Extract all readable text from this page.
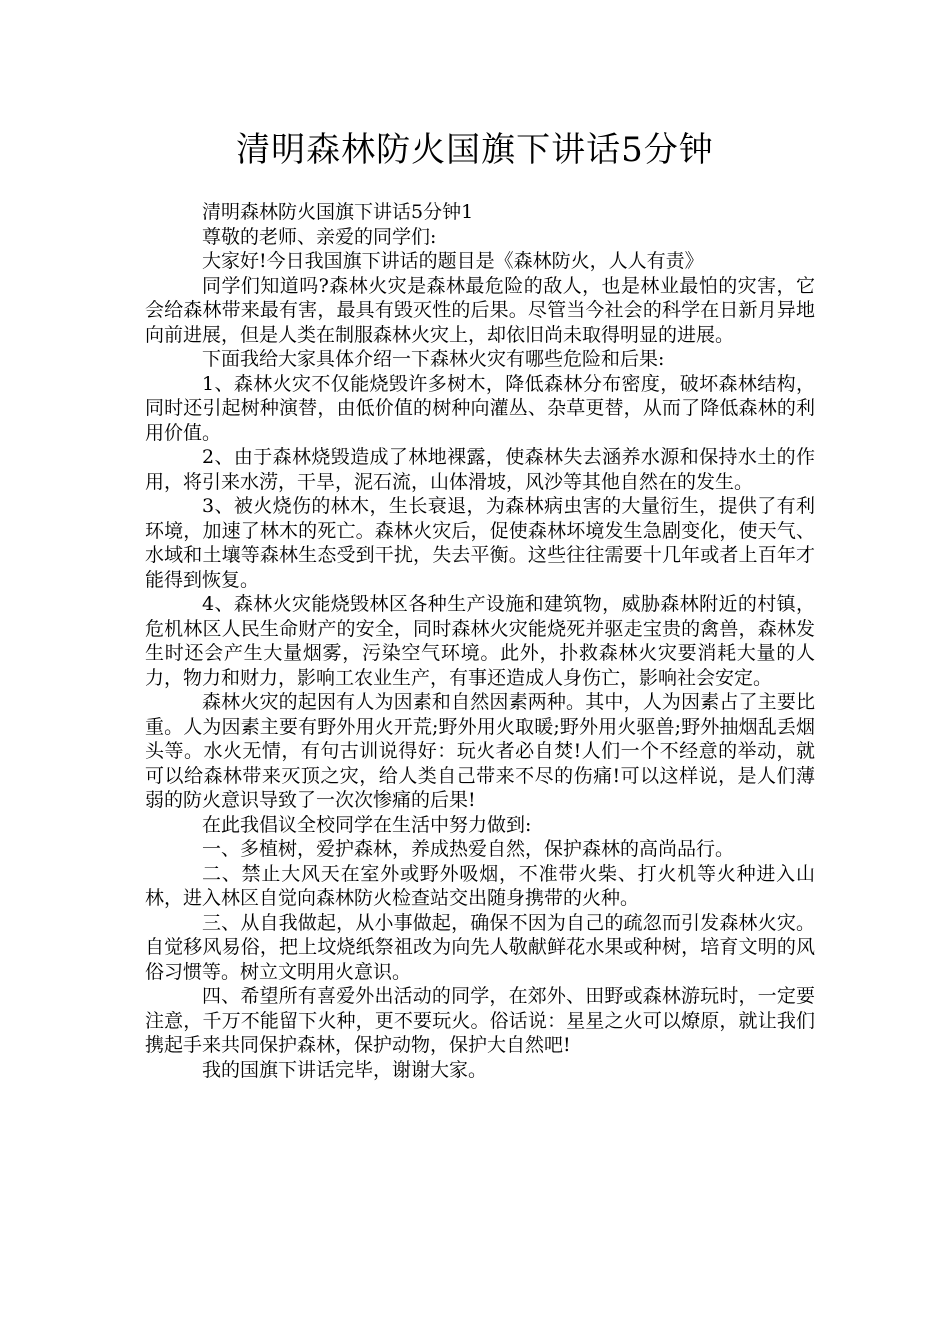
清明森林防火国旗下讲话5分钟

清明森林防火国旗下讲话5分钟1

尊敬的老师、亲爱的同学们:

大家好!今日我国旗下讲话的题目是《森林防火，人人有责》

同学们知道吗?森林火灾是森林最危险的敌人，也是林业最怕的灾害，它会给森林带来最有害，最具有毁灭性的后果。尽管当今社会的科学在日新月异地向前进展，但是人类在制服森林火灾上，却依旧尚未取得明显的进展。

下面我给大家具体介绍一下森林火灾有哪些危险和后果:

1、森林火灾不仅能烧毁许多树木，降低森林分布密度，破坏森林结构，同时还引起树种演替，由低价值的树种向灌丛、杂草更替，从而了降低森林的利用价值。

2、由于森林烧毁造成了林地裸露，使森林失去涵养水源和保持水土的作用，将引来水涝，干旱，泥石流，山体滑坡，风沙等其他自然在的发生。

3、被火烧伤的林木，生长衰退，为森林病虫害的大量衍生，提供了有利环境，加速了林木的死亡。森林火灾后，促使森林坏境发生急剧变化，使天气、水域和土壤等森林生态受到干扰，失去平衡。这些往往需要十几年或者上百年才能得到恢复。

4、森林火灾能烧毁林区各种生产设施和建筑物，威胁森林附近的村镇，危机林区人民生命财产的安全，同时森林火灾能烧死并驱走宝贵的禽兽，森林发生时还会产生大量烟雾，污染空气环境。此外，扑救森林火灾要消耗大量的人力，物力和财力，影响工农业生产，有事还造成人身伤亡，影响社会安定。

森林火灾的起因有人为因素和自然因素两种。其中，人为因素占了主要比重。人为因素主要有野外用火开荒;野外用火取暖;野外用火驱兽;野外抽烟乱丢烟头等。水火无情，有句古训说得好：玩火者必自焚!人们一个不经意的举动，就可以给森林带来灭顶之灾，给人类自己带来不尽的伤痛!可以这样说，是人们薄弱的防火意识导致了一次次惨痛的后果!

在此我倡议全校同学在生活中努力做到:

一、多植树，爱护森林，养成热爱自然，保护森林的高尚品行。

二、禁止大风天在室外或野外吸烟，不准带火柴、打火机等火种进入山林，进入林区自觉向森林防火检查站交出随身携带的火种。

三、从自我做起，从小事做起，确保不因为自己的疏忽而引发森林火灾。自觉移风易俗，把上坟烧纸祭祖改为向先人敬献鲜花水果或种树，培育文明的风俗习惯等。树立文明用火意识。

四、希望所有喜爱外出活动的同学，在郊外、田野或森林游玩时，一定要注意，千万不能留下火种，更不要玩火。俗话说：星星之火可以燎原，就让我们携起手来共同保护森林，保护动物，保护大自然吧!

我的国旗下讲话完毕，谢谢大家。
